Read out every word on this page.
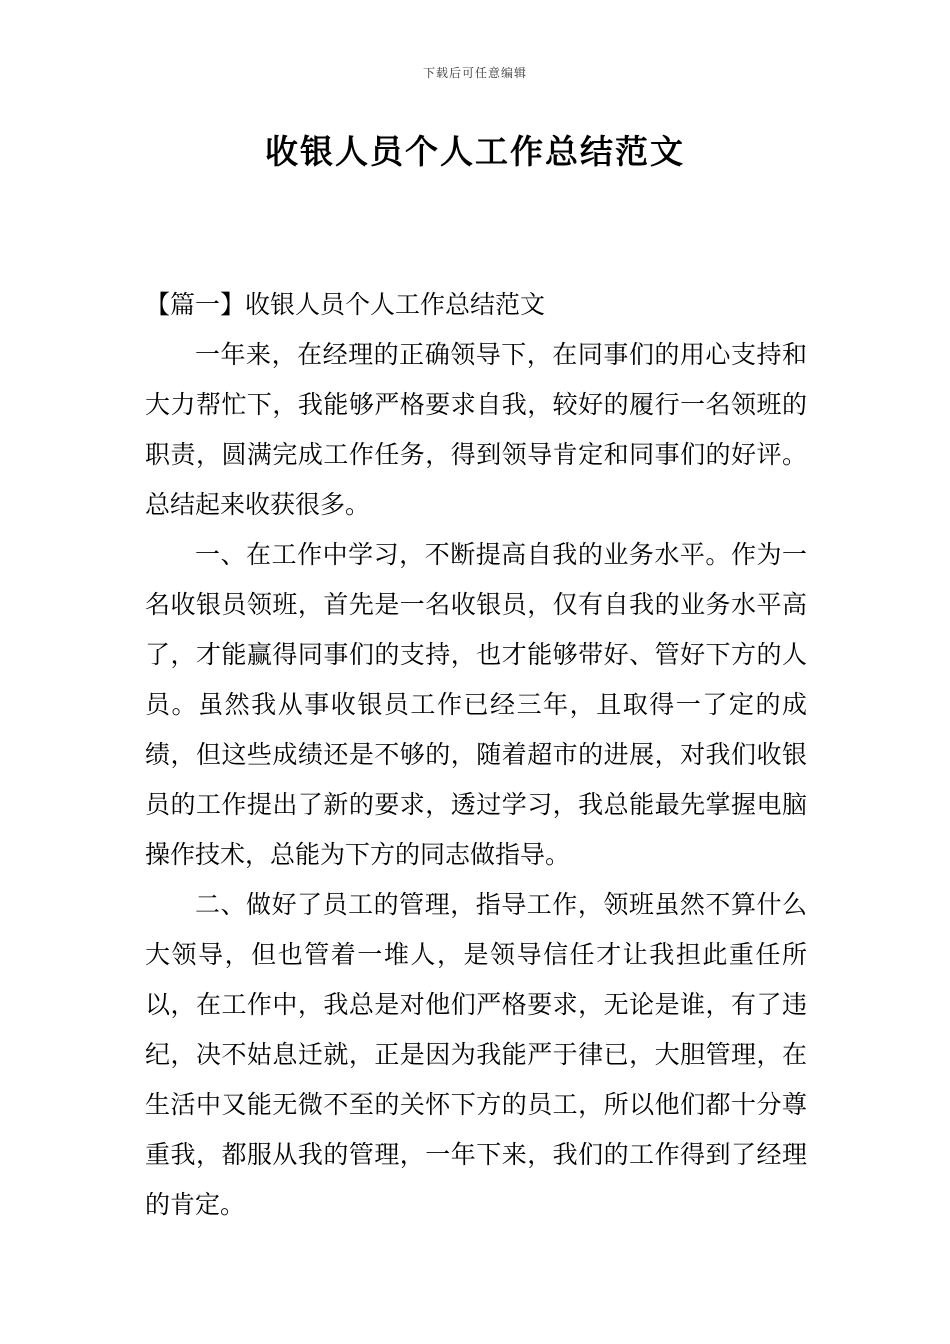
下载后可任意编辑
收银人员个人工作总结范文
【篇一】收银人员个人工作总结范文

一年来，在经理的正确领导下，在同事们的用心支持和大力帮忙下，我能够严格要求自我，较好的履行一名领班的职责，圆满完成工作任务，得到领导肯定和同事们的好评。总结起来收获很多。

一、在工作中学习，不断提高自我的业务水平。作为一名收银员领班，首先是一名收银员，仅有自我的业务水平高了，才能赢得同事们的支持，也才能够带好、管好下方的人员。虽然我从事收银员工作已经三年，且取得一了定的成绩，但这些成绩还是不够的，随着超市的进展，对我们收银员的工作提出了新的要求，透过学习，我总能最先掌握电脑操作技术，总能为下方的同志做指导。

二、做好了员工的管理，指导工作，领班虽然不算什么大领导，但也管着一堆人，是领导信任才让我担此重任所以，在工作中，我总是对他们严格要求，无论是谁，有了违纪，决不姑息迁就，正是因为我能严于律已，大胆管理，在生活中又能无微不至的关怀下方的员工，所以他们都十分尊重我，都服从我的管理，一年下来，我们的工作得到了经理的肯定。
